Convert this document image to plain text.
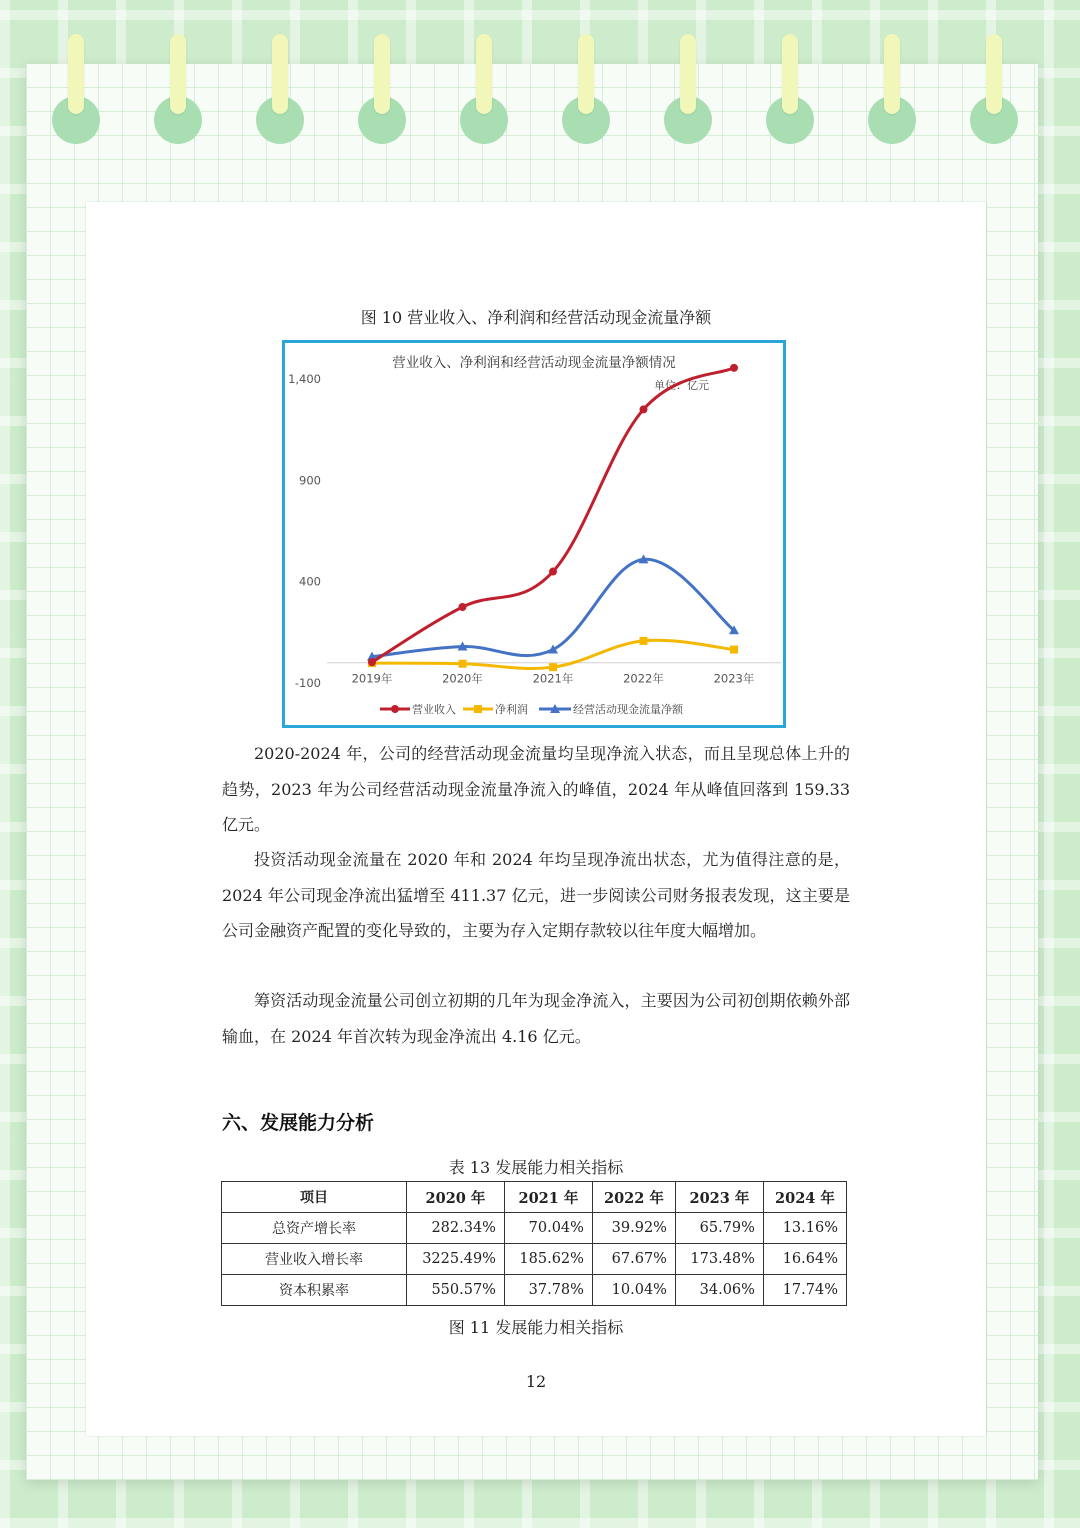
图 10 营业收入、净利润和经营活动现金流量净额
营业收入、净利润和经营活动现金流量净额情况
单位：亿元
-100
400
900
1,400
2019年	2020年	2021年	2022年	2023年
营业收入	净利润	经营活动现金流量净额

2020-2024 年，公司的经营活动现金流量均呈现净流入状态，而且呈现总体上升的趋势，2023 年为公司经营活动现金流量净流入的峰值，2024 年从峰值回落到 159.33 亿元。

投资活动现金流量在 2020 年和 2024 年均呈现净流出状态，尤为值得注意的是，2024 年公司现金净流出猛增至 411.37 亿元，进一步阅读公司财务报表发现，这主要是公司金融资产配置的变化导致的，主要为存入定期存款较以往年度大幅增加。

筹资活动现金流量公司创立初期的几年为现金净流入，主要因为公司初创期依赖外部输血，在 2024 年首次转为现金净流出 4.16 亿元。

六、发展能力分析
表 13 发展能力相关指标
项目	2020 年	2021 年	2022 年	2023 年	2024 年
总资产增长率	282.34%	70.04%	39.92%	65.79%	13.16%
营业收入增长率	3225.49%	185.62%	67.67%	173.48%	16.64%
资本积累率	550.57%	37.78%	10.04%	34.06%	17.74%
图 11 发展能力相关指标
12
